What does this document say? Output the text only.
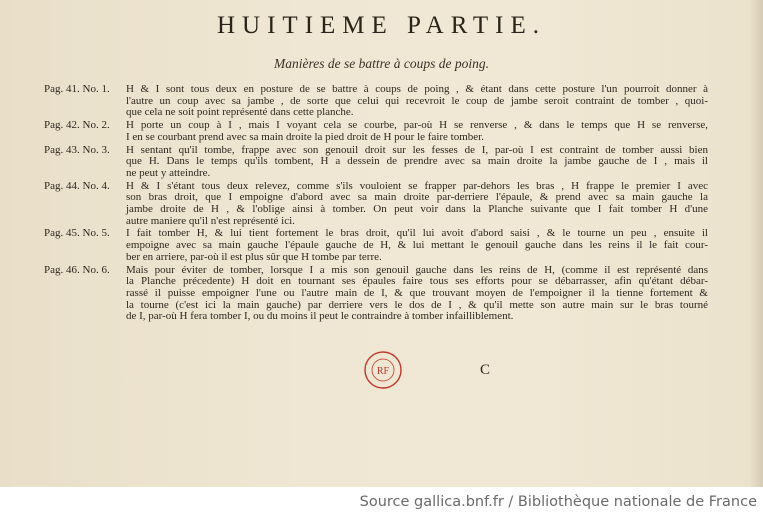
HUITIEME PARTIE.
Manières de se battre à coups de poing.
Pag. 41. No. 1.	H & I sont tous deux en posture de se battre à coups de poing , & étant dans cette posture l'un pourroit donner à
l'autre un coup avec sa jambe , de sorte que celui qui recevroit le coup de jambe seroit contraint de tomber , quoi-
que cela ne soit point représenté dans cette planche.
Pag. 42. No. 2.	H porte un coup à I , mais I voyant cela se courbe, par-où H se renverse , & dans le temps que H se renverse,
I en se courbant prend avec sa main droite la pied droit de H pour le faire tomber.
Pag. 43. No. 3.	H sentant qu'il tombe, frappe avec son genouil droit sur les fesses de I, par-où I est contraint de tomber aussi bien
que H. Dans le temps qu'ils tombent, H a dessein de prendre avec sa main droite la jambe gauche de I , mais il
ne peut y atteindre.
Pag. 44. No. 4.	H & I s'étant tous deux relevez, comme s'ils vouloient se frapper par-dehors les bras , H frappe le premier I avec
son bras droit, que I empoigne d'abord avec sa main droite par-derriere l'épaule, & prend avec sa main gauche la
jambe droite de H , & l'oblige ainsi à tomber. On peut voir dans la Planche suivante que I fait tomber H d'une
autre maniere qu'il n'est représenté ici.
Pag. 45. No. 5.	I fait tomber H, & lui tient fortement le bras droit, qu'il lui avoit d'abord saisi , & le tourne un peu , ensuite il
empoigne avec sa main gauche l'épaule gauche de H, & lui mettant le genouil gauche dans les reins il le fait cour-
ber en arriere, par-où il est plus sûr que H tombe par terre.
Pag. 46. No. 6.	Mais pour éviter de tomber, lorsque I a mis son genouil gauche dans les reins de H, (comme il est représenté dans
la Planche précedente) H doit en tournant ses épaules faire tous ses efforts pour se débarrasser, afin qu'étant débar-
rassé il puisse empoigner l'une ou l'autre main de I, & que trouvant moyen de l'empoigner il la tienne fortement &
la tourne (c'est ici la main gauche) par derriere vers le dos de I , & qu'il mette son autre main sur le bras tourné
de I, par-où H fera tomber I, ou du moins il peut le contraindre à tomber infailliblement.
RF	C
Source gallica.bnf.fr / Bibliothèque nationale de France
